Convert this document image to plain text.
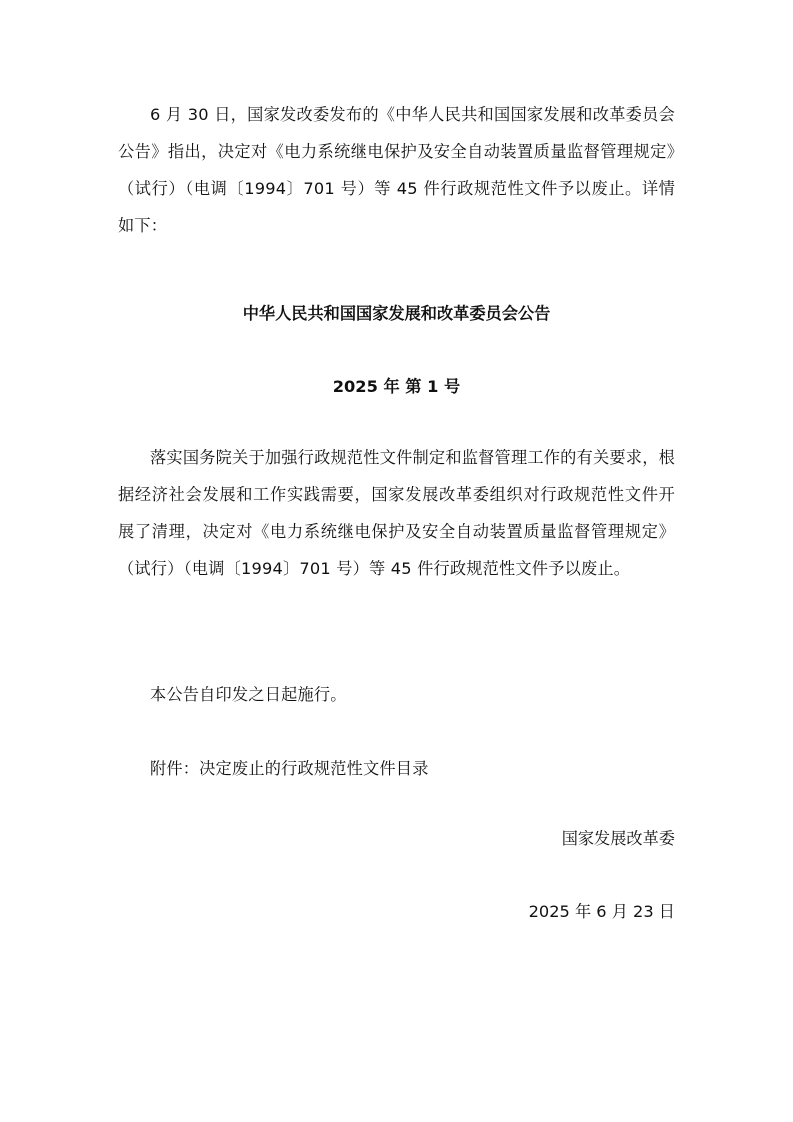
6 月 30 日，国家发改委发布的《中华人民共和国国家发展和改革委员会公告》指出，决定对《电力系统继电保护及安全自动装置质量监督管理规定》（试行）（电调〔1994〕701 号）等 45 件行政规范性文件予以废止。详情如下：

中华人民共和国国家发展和改革委员会公告

2025 年 第 1 号

落实国务院关于加强行政规范性文件制定和监督管理工作的有关要求，根据经济社会发展和工作实践需要，国家发展改革委组织对行政规范性文件开展了清理，决定对《电力系统继电保护及安全自动装置质量监督管理规定》（试行）（电调〔1994〕701 号）等 45 件行政规范性文件予以废止。

本公告自印发之日起施行。

附件：决定废止的行政规范性文件目录

国家发展改革委

2025 年 6 月 23 日
